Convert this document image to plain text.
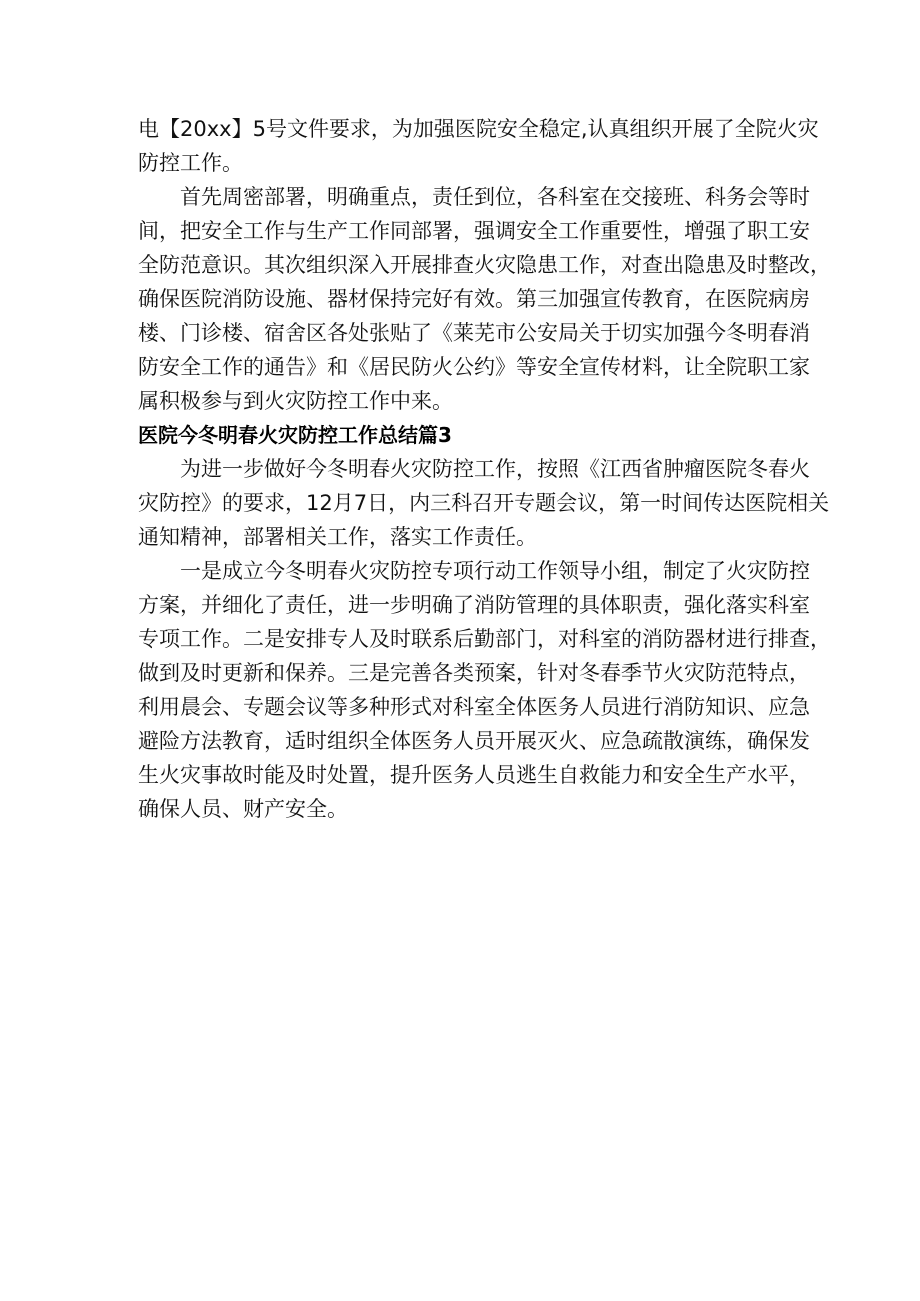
电【20xx】5号文件要求，为加强医院安全稳定,认真组织开展了全院火灾
防控工作。

首先周密部署，明确重点，责任到位，各科室在交接班、科务会等时
间，把安全工作与生产工作同部署，强调安全工作重要性，增强了职工安
全防范意识。其次组织深入开展排查火灾隐患工作，对查出隐患及时整改，
确保医院消防设施、器材保持完好有效。第三加强宣传教育，在医院病房
楼、门诊楼、宿舍区各处张贴了《莱芜市公安局关于切实加强今冬明春消
防安全工作的通告》和《居民防火公约》等安全宣传材料，让全院职工家
属积极参与到火灾防控工作中来。

医院今冬明春火灾防控工作总结篇3

为进一步做好今冬明春火灾防控工作，按照《江西省肿瘤医院冬春火
灾防控》的要求，12月7日，内三科召开专题会议，第一时间传达医院相关
通知精神，部署相关工作，落实工作责任。

一是成立今冬明春火灾防控专项行动工作领导小组，制定了火灾防控
方案，并细化了责任，进一步明确了消防管理的具体职责，强化落实科室
专项工作。二是安排专人及时联系后勤部门，对科室的消防器材进行排查，
做到及时更新和保养。三是完善各类预案，针对冬春季节火灾防范特点，
利用晨会、专题会议等多种形式对科室全体医务人员进行消防知识、应急
避险方法教育，适时组织全体医务人员开展灭火、应急疏散演练，确保发
生火灾事故时能及时处置，提升医务人员逃生自救能力和安全生产水平，
确保人员、财产安全。
